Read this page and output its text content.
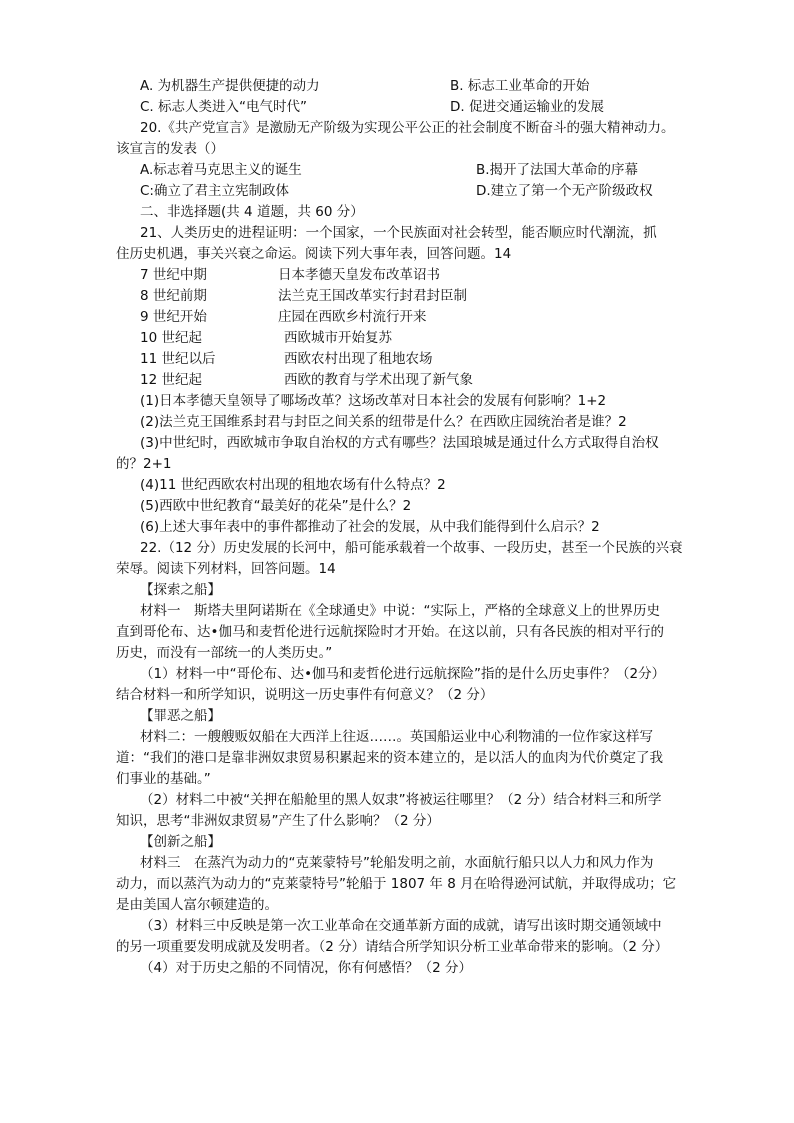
A. 为机器生产提供便捷的动力	B. 标志工业革命的开始
C. 标志人类进入“电气时代”	D. 促进交通运输业的发展
20.《共产党宣言》是激励无产阶级为实现公平公正的社会制度不断奋斗的强大精神动力。
该宣言的发表（）
A.标志着马克思主义的诞生	B.揭开了法国大革命的序幕
C:确立了君主立宪制政体	D.建立了第一个无产阶级政权
二、非选择题(共 4 道题，共 60 分）
21、人类历史的进程证明：一个国家，一个民族面对社会转型，能否顺应时代潮流，抓
住历史机遇，事关兴衰之命运。阅读下列大事年表，回答问题。14
7 世纪中期	日本孝德天皇发布改革诏书
8 世纪前期	法兰克王国改革实行封君封臣制
9 世纪开始	庄园在西欧乡村流行开来
10 世纪起	西欧城市开始复苏
11 世纪以后	西欧农村出现了租地农场
12 世纪起	西欧的教育与学术出现了新气象
(1)日本孝德天皇领导了哪场改革？这场改革对日本社会的发展有何影响？1+2
(2)法兰克王国维系封君与封臣之间关系的纽带是什么？在西欧庄园统治者是谁？2
(3)中世纪时，西欧城市争取自治权的方式有哪些？法国琅城是通过什么方式取得自治权
的？2+1
(4)11 世纪西欧农村出现的租地农场有什么特点？2
(5)西欧中世纪教育“最美好的花朵”是什么？2
(6)上述大事年表中的事件都推动了社会的发展，从中我们能得到什么启示？2
22.（12 分）历史发展的长河中，船可能承载着一个故事、一段历史，甚至一个民族的兴衰
荣辱。阅读下列材料，回答问题。14
【探索之船】
材料一　斯塔夫里阿诺斯在《全球通史》中说：“实际上，严格的全球意义上的世界历史
直到哥伦布、达•伽马和麦哲伦进行远航探险时才开始。在这以前，只有各民族的相对平行的
历史，而没有一部统一的人类历史。”
（1）材料一中“哥伦布、达•伽马和麦哲伦进行远航探险”指的是什么历史事件？（2分）
结合材料一和所学知识，说明这一历史事件有何意义？（2 分）
【罪恶之船】
材料二：一艘艘贩奴船在大西洋上往返……。英国船运业中心利物浦的一位作家这样写
道：“我们的港口是靠非洲奴隶贸易积累起来的资本建立的，是以活人的血肉为代价奠定了我
们事业的基础。”
（2）材料二中被“关押在船舱里的黑人奴隶”将被运往哪里？（2 分）结合材料三和所学
知识，思考“非洲奴隶贸易”产生了什么影响？（2 分）
【创新之船】
材料三　在蒸汽为动力的“克莱蒙特号”轮船发明之前，水面航行船只以人力和风力作为
动力，而以蒸汽为动力的“克莱蒙特号”轮船于 1807 年 8 月在哈得逊河试航，并取得成功；它
是由美国人富尔顿建造的。
（3）材料三中反映是第一次工业革命在交通革新方面的成就，请写出该时期交通领域中
的另一项重要发明成就及发明者。（2 分）请结合所学知识分析工业革命带来的影响。（2 分）
（4）对于历史之船的不同情况，你有何感悟？（2 分）
